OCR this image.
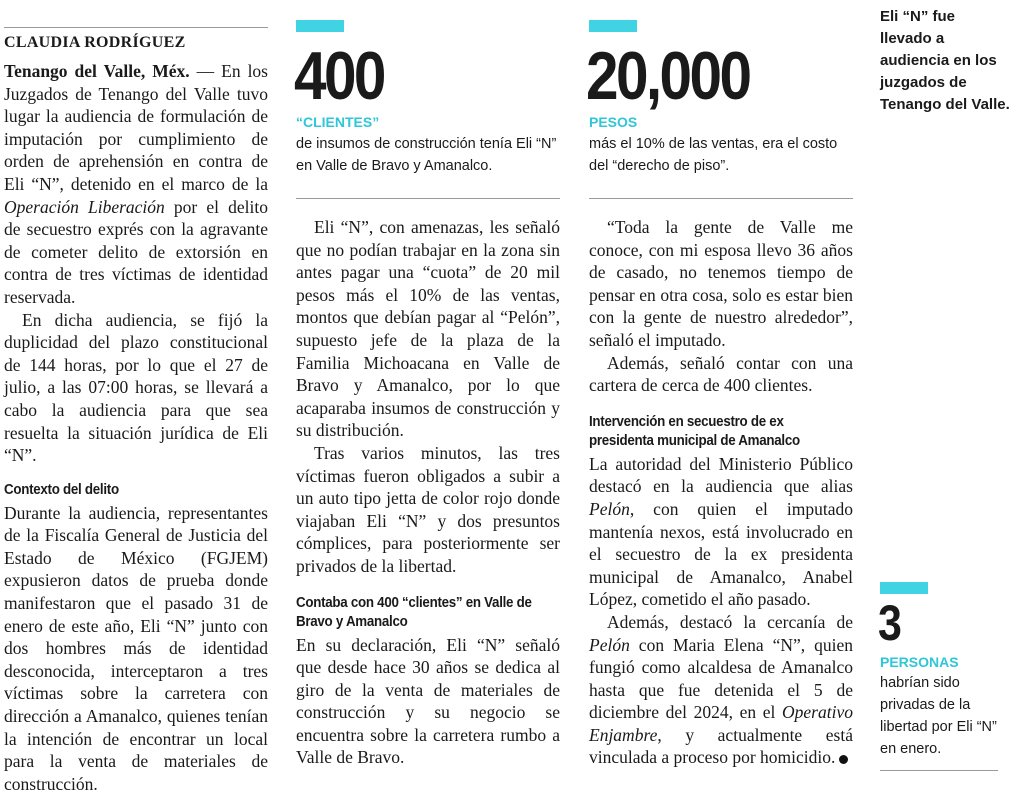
CLAUDIA RODRÍGUEZ

Tenango del Valle, Méx. — En los Juzgados de Tenango del Valle tuvo lugar la audiencia de formulación de imputación por cumplimiento de orden de aprehensión en contra de Eli “N”, detenido en el marco de la Operación Liberación por el delito de secuestro exprés con la agravante de cometer delito de extorsión en contra de tres víctimas de identidad reservada.

En dicha audiencia, se fijó la duplicidad del plazo constitucional de 144 horas, por lo que el 27 de julio, a las 07:00 horas, se llevará a cabo la audiencia para que sea resuelta la situación jurídica de Eli “N”.

Contexto del delito

Durante la audiencia, representantes de la Fiscalía General de Justicia del Estado de México (FGJEM) expusieron datos de prueba donde manifestaron que el pasado 31 de enero de este año, Eli “N” junto con dos hombres más de identidad desconocida, interceptaron a tres víctimas sobre la carretera con dirección a Amanalco, quienes tenían la intención de encontrar un local para la venta de materiales de construcción.

400
“CLIENTES”
de insumos de construcción tenía Eli “N” en Valle de Bravo y Amanalco.

Eli “N”, con amenazas, les señaló que no podían trabajar en la zona sin antes pagar una “cuota” de 20 mil pesos más el 10% de las ventas, montos que debían pagar al “Pelón”, supuesto jefe de la plaza de la Familia Michoacana en Valle de Bravo y Amanalco, por lo que acaparaba insumos de construcción y su distribución.

Tras varios minutos, las tres víctimas fueron obligados a subir a un auto tipo jetta de color rojo donde viajaban Eli “N” y dos presuntos cómplices, para posteriormente ser privados de la libertad.

Contaba con 400 “clientes” en Valle de Bravo y Amanalco

En su declaración, Eli “N” señaló que desde hace 30 años se dedica al giro de la venta de materiales de construcción y su negocio se encuentra sobre la carretera rumbo a Valle de Bravo.

20,000
PESOS
más el 10% de las ventas, era el costo del “derecho de piso”.

“Toda la gente de Valle me conoce, con mi esposa llevo 36 años de casado, no tenemos tiempo de pensar en otra cosa, solo es estar bien con la gente de nuestro alrededor”, señaló el imputado.

Además, señaló contar con una cartera de cerca de 400 clientes.

Intervención en secuestro de ex presidenta municipal de Amanalco

La autoridad del Ministerio Público destacó en la audiencia que alias Pelón, con quien el imputado mantenía nexos, está involucrado en el secuestro de la ex presidenta municipal de Amanalco, Anabel López, cometido el año pasado.

Además, destacó la cercanía de Pelón con Maria Elena “N”, quien fungió como alcaldesa de Amanalco hasta que fue detenida el 5 de diciembre del 2024, en el Operativo Enjambre, y actualmente está vinculada a proceso por homicidio.

Eli “N” fue llevado a audiencia en los juzgados de Tenango del Valle.
3
PERSONAS
habrían sido privadas de la libertad por Eli “N” en enero.
